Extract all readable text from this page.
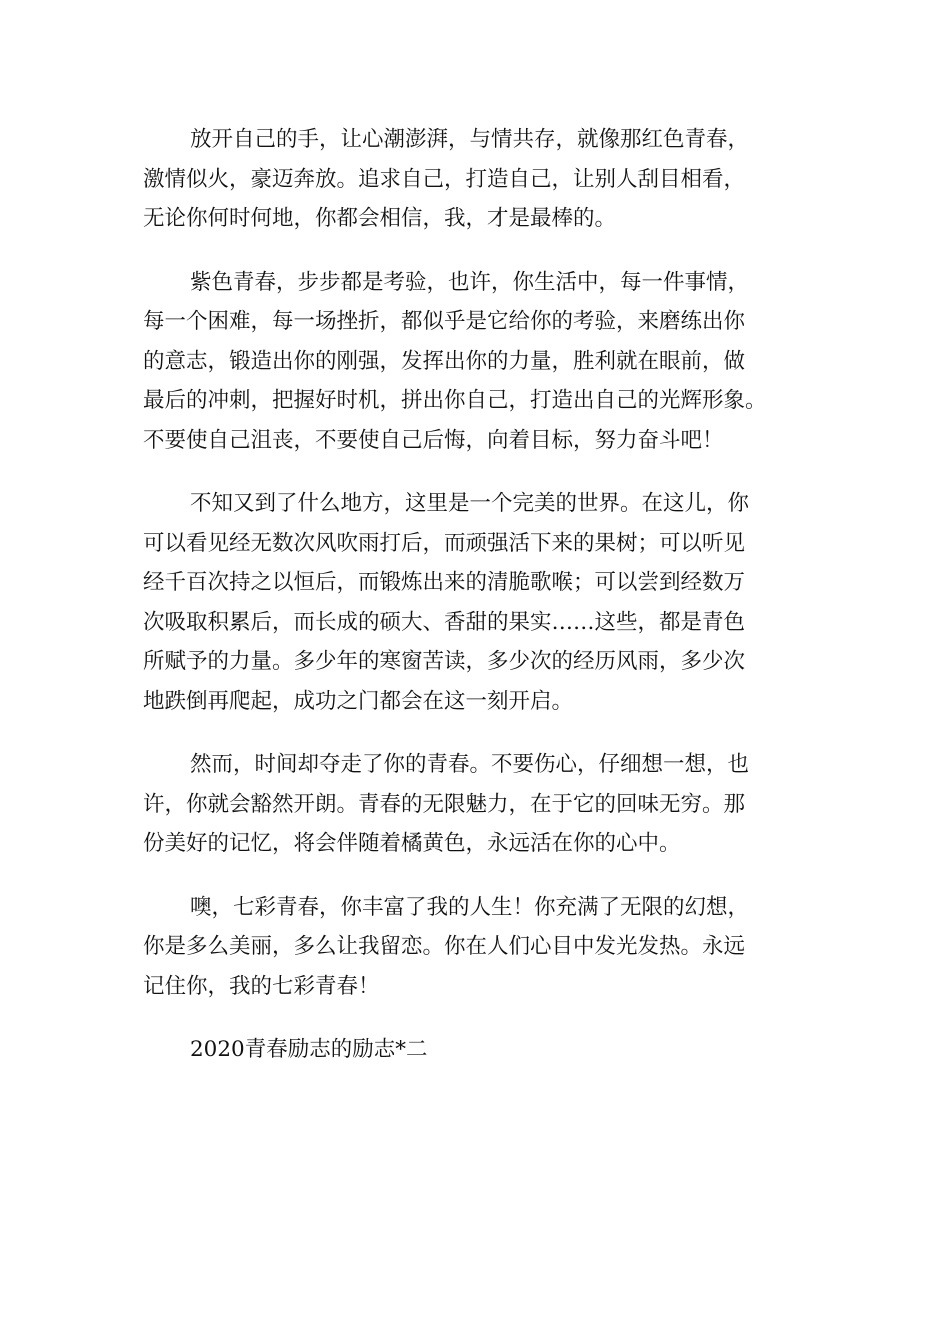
放开自己的手，让心潮澎湃，与情共存，就像那红色青春，
激情似火，豪迈奔放。追求自己，打造自己，让别人刮目相看，
无论你何时何地，你都会相信，我，才是最棒的。

紫色青春，步步都是考验，也许，你生活中，每一件事情，
每一个困难，每一场挫折，都似乎是它给你的考验，来磨练出你
的意志，锻造出你的刚强，发挥出你的力量，胜利就在眼前，做
最后的冲刺，把握好时机，拼出你自己，打造出自己的光辉形象。
不要使自己沮丧，不要使自己后悔，向着目标，努力奋斗吧！

不知又到了什么地方，这里是一个完美的世界。在这儿，你
可以看见经无数次风吹雨打后，而顽强活下来的果树；可以听见
经千百次持之以恒后，而锻炼出来的清脆歌喉；可以尝到经数万
次吸取积累后，而长成的硕大、香甜的果实……这些，都是青色
所赋予的力量。多少年的寒窗苦读，多少次的经历风雨，多少次
地跌倒再爬起，成功之门都会在这一刻开启。

然而，时间却夺走了你的青春。不要伤心，仔细想一想，也
许，你就会豁然开朗。青春的无限魅力，在于它的回味无穷。那
份美好的记忆，将会伴随着橘黄色，永远活在你的心中。

噢，七彩青春，你丰富了我的人生！你充满了无限的幻想，
你是多么美丽，多么让我留恋。你在人们心目中发光发热。永远
记住你，我的七彩青春！

2020青春励志的励志*二
